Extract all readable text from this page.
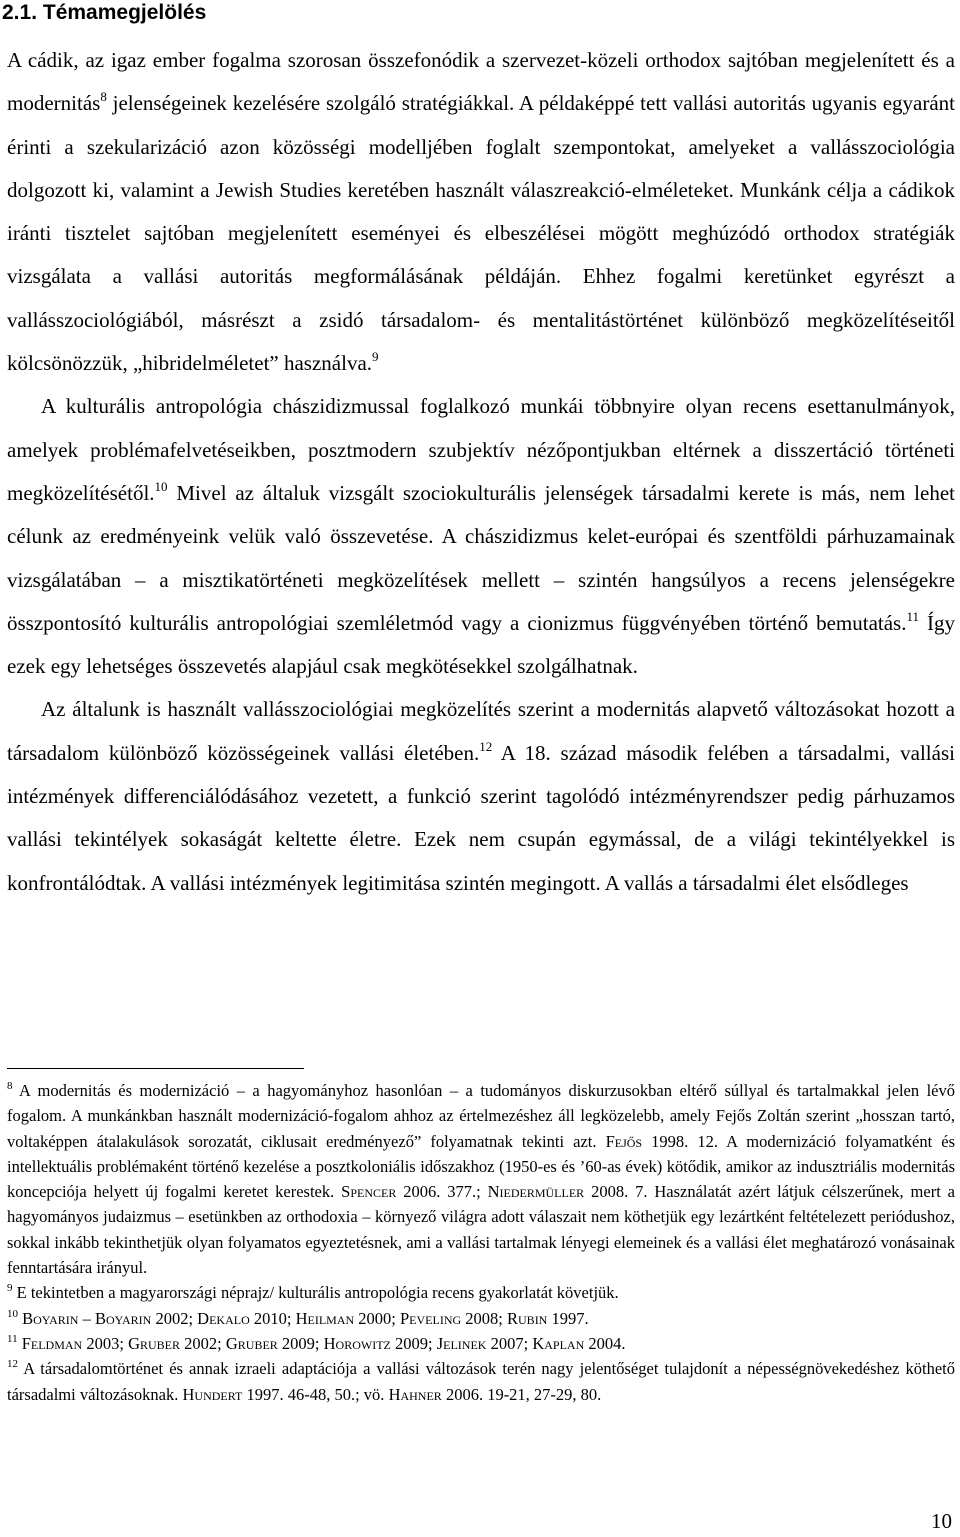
2.1. Témamegjelölés

A cádik, az igaz ember fogalma szorosan összefonódik a szervezet-közeli orthodox sajtóban megjelenített és a modernitás$^8$ jelenségeinek kezelésére szolgáló stratégiákkal. A példaképpé tett vallási autoritás ugyanis egyaránt érinti a szekularizáció azon közösségi modelljében foglalt szempontokat, amelyeket a vallásszociológia dolgozott ki, valamint a Jewish Studies keretében használt válaszreakció-elméleteket. Munkánk célja a cádikok iránti tisztelet sajtóban megjelenített eseményei és elbeszélései mögött meghúzódó orthodox stratégiák vizsgálata a vallási autoritás megformálásának példáján. Ehhez fogalmi keretünket egyrészt a vallásszociológiából, másrészt a zsidó társadalom- és mentalitástörténet különböző megközelítéseitől kölcsönözzük, „hibridelméletet” használva.$^9$

A kulturális antropológia chászidizmussal foglalkozó munkái többnyire olyan recens esettanulmányok, amelyek problémafelvetéseikben, posztmodern szubjektív nézőpontjukban eltérnek a disszertáció történeti megközelítésétől.$^{10}$ Mivel az általuk vizsgált szociokulturális jelenségek társadalmi kerete is más, nem lehet célunk az eredményeink velük való összevetése. A chászidizmus kelet-európai és szentföldi párhuzamainak vizsgálatában – a misztikatörténeti megközelítések mellett – szintén hangsúlyos a recens jelenségekre összpontosító kulturális antropológiai szemléletmód vagy a cionizmus függvényében történő bemutatás.$^{11}$ Így ezek egy lehetséges összevetés alapjául csak megkötésekkel szolgálhatnak.

Az általunk is használt vallásszociológiai megközelítés szerint a modernitás alapvető változásokat hozott a társadalom különböző közösségeinek vallási életében.$^{12}$ A 18. század második felében a társadalmi, vallási intézmények differenciálódásához vezetett, a funkció szerint tagolódó intézményrendszer pedig párhuzamos vallási tekintélyek sokaságát keltette életre. Ezek nem csupán egymással, de a világi tekintélyekkel is konfrontálódtak. A vallási intézmények legitimitása szintén megingott. A vallás a társadalmi élet elsődleges

$^8$ A modernitás és modernizáció – a hagyományhoz hasonlóan – a tudományos diskurzusokban eltérő súllyal és tartalmakkal jelen lévő fogalom. A munkánkban használt modernizáció-fogalom ahhoz az értelmezéshez áll legközelebb, amely Fejős Zoltán szerint „hosszan tartó, voltaképpen átalakulások sorozatát, ciklusait eredményező” folyamatnak tekinti azt. Fejős 1998. 12. A modernizáció folyamatként és intellektuális problémaként történő kezelése a posztkoloniális időszakhoz (1950-es és ’60-as évek) kötődik, amikor az indusztriális modernitás koncepciója helyett új fogalmi keretet kerestek. Spencer 2006. 377.; Niedermüller 2008. 7. Használatát azért látjuk célszerűnek, mert a hagyományos judaizmus – esetünkben az orthodoxia – környező világra adott válaszait nem köthetjük egy lezártként feltételezett periódushoz, sokkal inkább tekinthetjük olyan folyamatos egyeztetésnek, ami a vallási tartalmak lényegi elemeinek és a vallási élet meghatározó vonásainak fenntartására irányul.

$^9$ E tekintetben a magyarországi néprajz/ kulturális antropológia recens gyakorlatát követjük.

$^{10}$ Boyarin – Boyarin 2002; Dekalo 2010; Heilman 2000; Peveling 2008; Rubin 1997.

$^{11}$ Feldman 2003; Gruber 2002; Gruber 2009; Horowitz 2009; Jelinek 2007; Kaplan 2004.

$^{12}$ A társadalomtörténet és annak izraeli adaptációja a vallási változások terén nagy jelentőséget tulajdonít a népességnövekedéshez köthető társadalmi változásoknak. Hundert 1997. 46-48, 50.; vö. Hahner 2006. 19-21, 27-29, 80.

10
